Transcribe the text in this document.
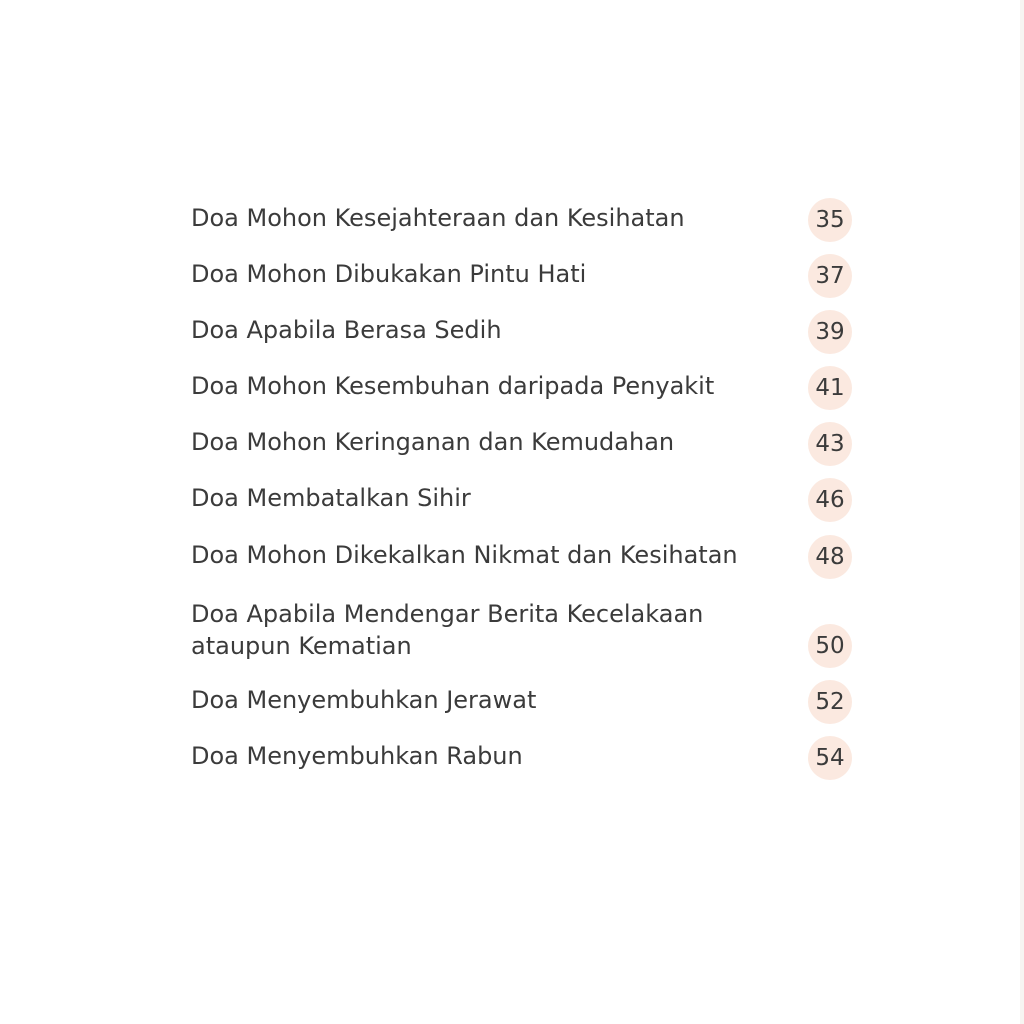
Doa Mohon Kesejahteraan dan Kesihatan	35
Doa Mohon Dibukakan Pintu Hati	37
Doa Apabila Berasa Sedih	39
Doa Mohon Kesembuhan daripada Penyakit	41
Doa Mohon Keringanan dan Kemudahan	43
Doa Membatalkan Sihir	46
Doa Mohon Dikekalkan Nikmat dan Kesihatan	48
Doa Apabila Mendengar Berita Kecelakaan
ataupun Kematian	50
Doa Menyembuhkan Jerawat	52
Doa Menyembuhkan Rabun	54
